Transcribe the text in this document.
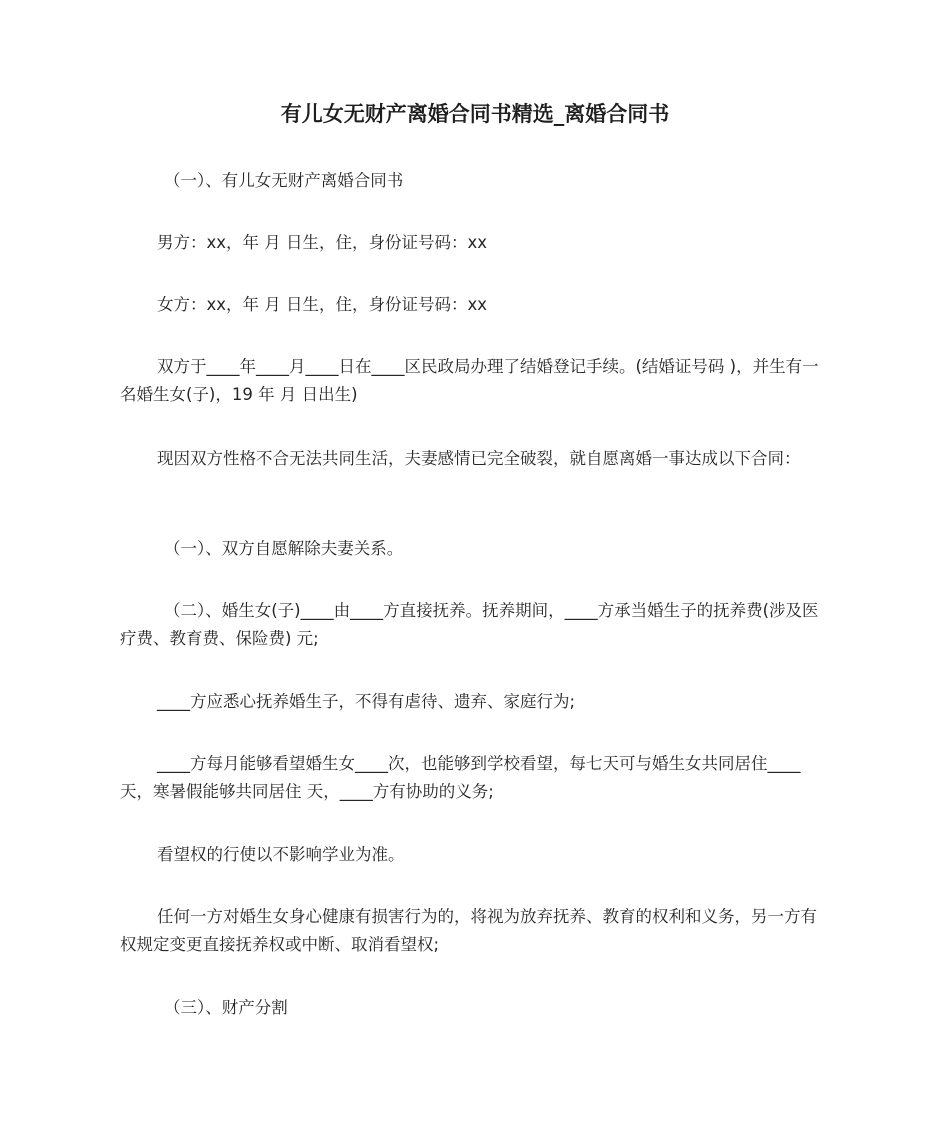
有儿女无财产离婚合同书精选_离婚合同书

（一）、有儿女无财产离婚合同书

男方：xx，年 月 日生，住，身份证号码：xx

女方：xx，年 月 日生，住，身份证号码：xx

双方于____年____月____日在____区民政局办理了结婚登记手续。(结婚证号码 )，并生有一名婚生女(子)，19 年 月 日出生)

现因双方性格不合无法共同生活，夫妻感情已完全破裂，就自愿离婚一事达成以下合同：

（一）、双方自愿解除夫妻关系。

（二）、婚生女(子)____由____方直接抚养。抚养期间，____方承当婚生子的抚养费(涉及医疗费、教育费、保险费) 元;

____方应悉心抚养婚生子，不得有虐待、遗弃、家庭行为;

____方每月能够看望婚生女____次，也能够到学校看望，每七天可与婚生女共同居住____天，寒暑假能够共同居住 天，____方有协助的义务;

看望权的行使以不影响学业为准。

任何一方对婚生女身心健康有损害行为的，将视为放弃抚养、教育的权利和义务，另一方有权规定变更直接抚养权或中断、取消看望权;

（三）、财产分割
